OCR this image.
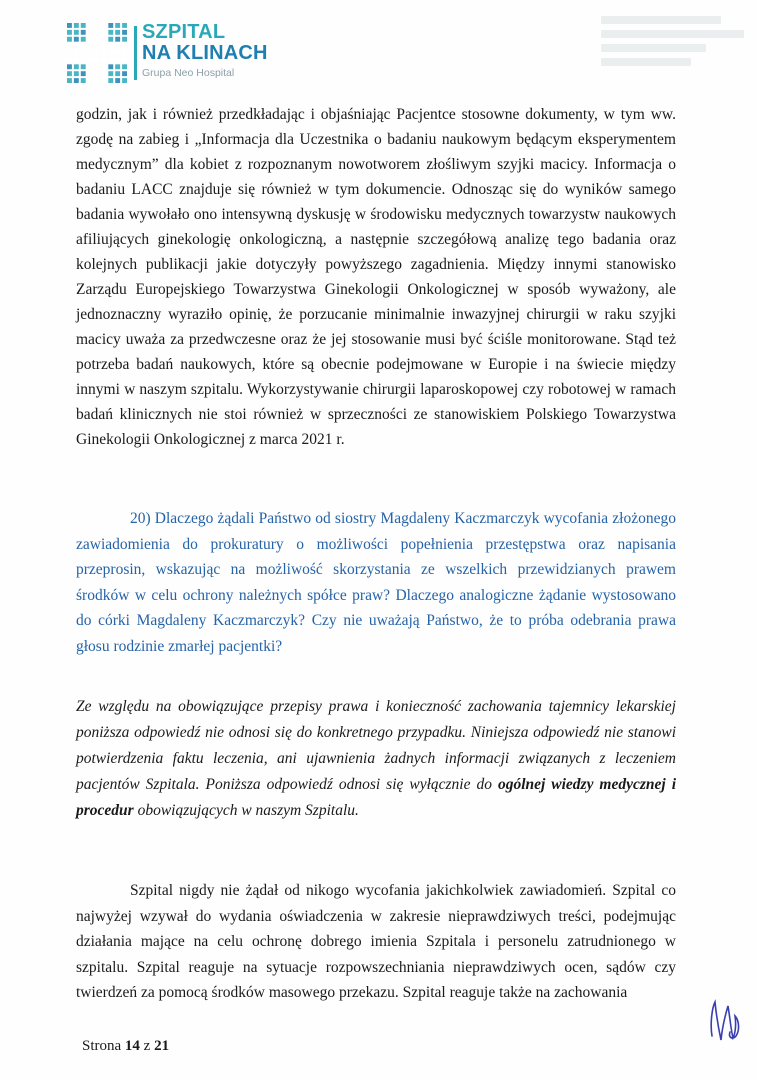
SZPITAL
NA KLINACH
Grupa Neo Hospital

godzin, jak i również przedkładając i objaśniając Pacjentce stosowne dokumenty, w tym ww. zgodę na zabieg i „Informacja dla Uczestnika o badaniu naukowym będącym eksperymentem medycznym” dla kobiet z rozpoznanym nowotworem złośliwym szyjki macicy. Informacja o badaniu LACC znajduje się również w tym dokumencie. Odnosząc się do wyników samego badania wywołało ono intensywną dyskusję w środowisku medycznych towarzystw naukowych afiliujących ginekologię onkologiczną, a następnie szczegółową analizę tego badania oraz kolejnych publikacji jakie dotyczyły powyższego zagadnienia. Między innymi stanowisko Zarządu Europejskiego Towarzystwa Ginekologii Onkologicznej w sposób wyważony, ale jednoznaczny wyraziło opinię, że porzucanie minimalnie inwazyjnej chirurgii w raku szyjki macicy uważa za przedwczesne oraz że jej stosowanie musi być ściśle monitorowane. Stąd też potrzeba badań naukowych, które są obecnie podejmowane w Europie i na świecie między innymi w naszym szpitalu. Wykorzystywanie chirurgii laparoskopowej czy robotowej w ramach badań klinicznych nie stoi również w sprzeczności ze stanowiskiem Polskiego Towarzystwa Ginekologii Onkologicznej z marca 2021 r.

20) Dlaczego żądali Państwo od siostry Magdaleny Kaczmarczyk wycofania złożonego zawiadomienia do prokuratury o możliwości popełnienia przestępstwa oraz napisania przeprosin, wskazując na możliwość skorzystania ze wszelkich przewidzianych prawem środków w celu ochrony należnych spółce praw? Dlaczego analogiczne żądanie wystosowano do córki Magdaleny Kaczmarczyk? Czy nie uważają Państwo, że to próba odebrania prawa głosu rodzinie zmarłej pacjentki?

Ze względu na obowiązujące przepisy prawa i konieczność zachowania tajemnicy lekarskiej poniższa odpowiedź nie odnosi się do konkretnego przypadku. Niniejsza odpowiedź nie stanowi potwierdzenia faktu leczenia, ani ujawnienia żadnych informacji związanych z leczeniem pacjentów Szpitala. Poniższa odpowiedź odnosi się wyłącznie do ogólnej wiedzy medycznej i procedur obowiązujących w naszym Szpitalu.

Szpital nigdy nie żądał od nikogo wycofania jakichkolwiek zawiadomień. Szpital co najwyżej wzywał do wydania oświadczenia w zakresie nieprawdziwych treści, podejmując działania mające na celu ochronę dobrego imienia Szpitala i personelu zatrudnionego w szpitalu. Szpital reaguje na sytuacje rozpowszechniania nieprawdziwych ocen, sądów czy twierdzeń za pomocą środków masowego przekazu. Szpital reaguje także na zachowania

Strona 14 z 21
